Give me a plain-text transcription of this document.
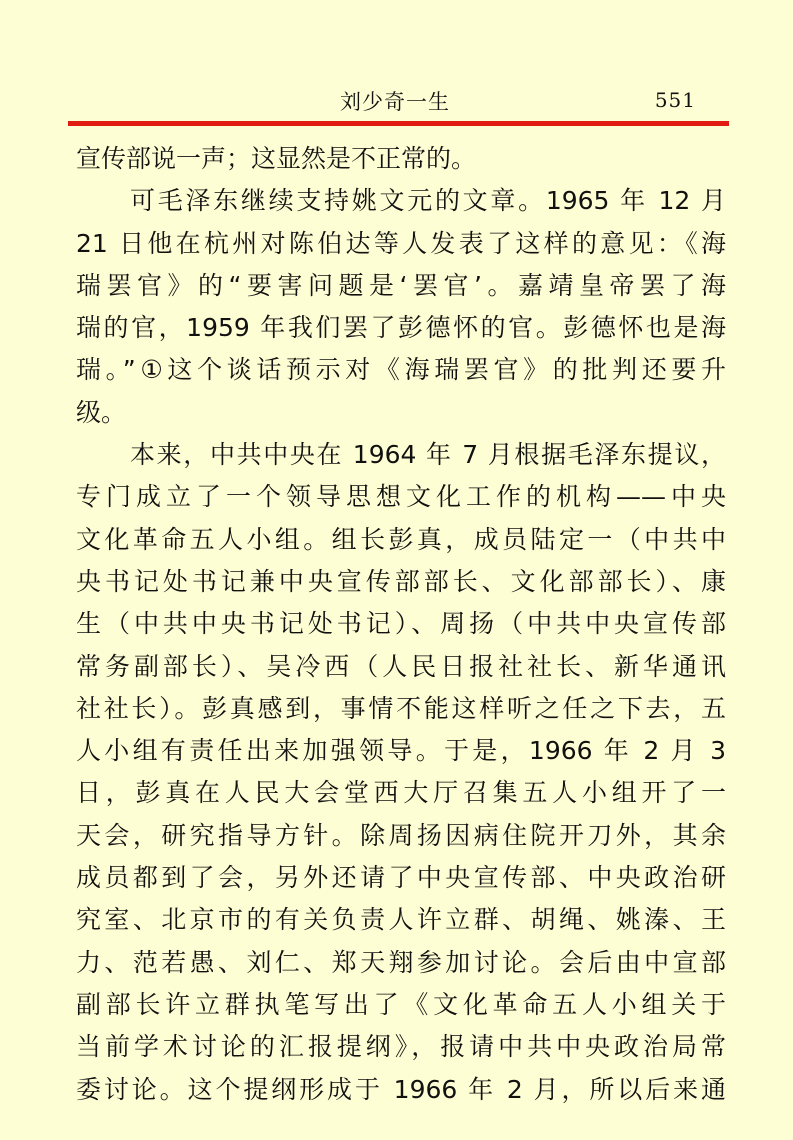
刘少奇一生	551
宣传部说一声；这显然是不正常的。
可毛泽东继续支持姚文元的文章。1965 年 12 月
21 日他在杭州对陈伯达等人发表了这样的意见：《海
瑞罢官》的“要害问题是‘罢官’。嘉靖皇帝罢了海
瑞的官，1959 年我们罢了彭德怀的官。彭德怀也是海
瑞。”①这个谈话预示对《海瑞罢官》的批判还要升
级。
本来，中共中央在 1964 年 7 月根据毛泽东提议，
专门成立了一个领导思想文化工作的机构——中央
文化革命五人小组。组长彭真，成员陆定一（中共中
央书记处书记兼中央宣传部部长、文化部部长）、康
生（中共中央书记处书记）、周扬（中共中央宣传部
常务副部长）、吴冷西（人民日报社社长、新华通讯
社社长）。彭真感到，事情不能这样听之任之下去，五
人小组有责任出来加强领导。于是，1966 年 2 月 3
日，彭真在人民大会堂西大厅召集五人小组开了一
天会，研究指导方针。除周扬因病住院开刀外，其余
成员都到了会，另外还请了中央宣传部、中央政治研
究室、北京市的有关负责人许立群、胡绳、姚溱、王
力、范若愚、刘仁、郑天翔参加讨论。会后由中宣部
副部长许立群执笔写出了《文化革命五人小组关于
当前学术讨论的汇报提纲》，报请中共中央政治局常
委讨论。这个提纲形成于 1966 年 2 月，所以后来通
